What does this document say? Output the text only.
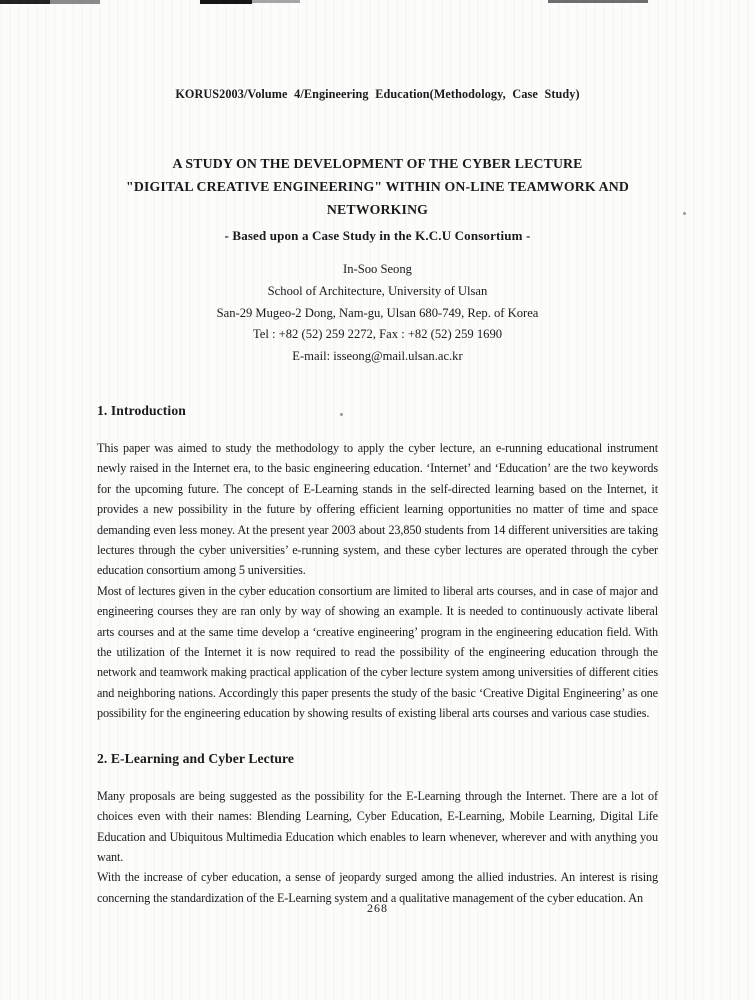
KORUS2003/Volume 4/Engineering Education(Methodology, Case Study)
A STUDY ON THE DEVELOPMENT OF THE CYBER LECTURE
"DIGITAL CREATIVE ENGINEERING" WITHIN ON-LINE TEAMWORK AND
NETWORKING
- Based upon a Case Study in the K.C.U Consortium -
In-Soo Seong
School of Architecture, University of Ulsan
San-29 Mugeo-2 Dong, Nam-gu, Ulsan 680-749, Rep. of Korea
Tel : +82 (52) 259 2272, Fax : +82 (52) 259 1690
E-mail: isseong@mail.ulsan.ac.kr
1. Introduction

This paper was aimed to study the methodology to apply the cyber lecture, an e-running educational instrument newly raised in the Internet era, to the basic engineering education. ‘Internet’ and ‘Education’ are the two keywords for the upcoming future. The concept of E-Learning stands in the self-directed learning based on the Internet, it provides a new possibility in the future by offering efficient learning opportunities no matter of time and space demanding even less money. At the present year 2003 about 23,850 students from 14 different universities are taking lectures through the cyber universities’ e-running system, and these cyber lectures are operated through the cyber education consortium among 5 universities.

Most of lectures given in the cyber education consortium are limited to liberal arts courses, and in case of major and engineering courses they are ran only by way of showing an example. It is needed to continuously activate liberal arts courses and at the same time develop a ‘creative engineering’ program in the engineering education field. With the utilization of the Internet it is now required to read the possibility of the engineering education through the network and teamwork making practical application of the cyber lecture system among universities of different cities and neighboring nations. Accordingly this paper presents the study of the basic ‘Creative Digital Engineering’ as one possibility for the engineering education by showing results of existing liberal arts courses and various case studies.

2. E-Learning and Cyber Lecture

Many proposals are being suggested as the possibility for the E-Learning through the Internet. There are a lot of choices even with their names: Blending Learning, Cyber Education, E-Learning, Mobile Learning, Digital Life Education and Ubiquitous Multimedia Education which enables to learn whenever, wherever and with anything you want.

With the increase of cyber education, a sense of jeopardy surged among the allied industries. An interest is rising concerning the standardization of the E-Learning system and a qualitative management of the cyber education. An

268
